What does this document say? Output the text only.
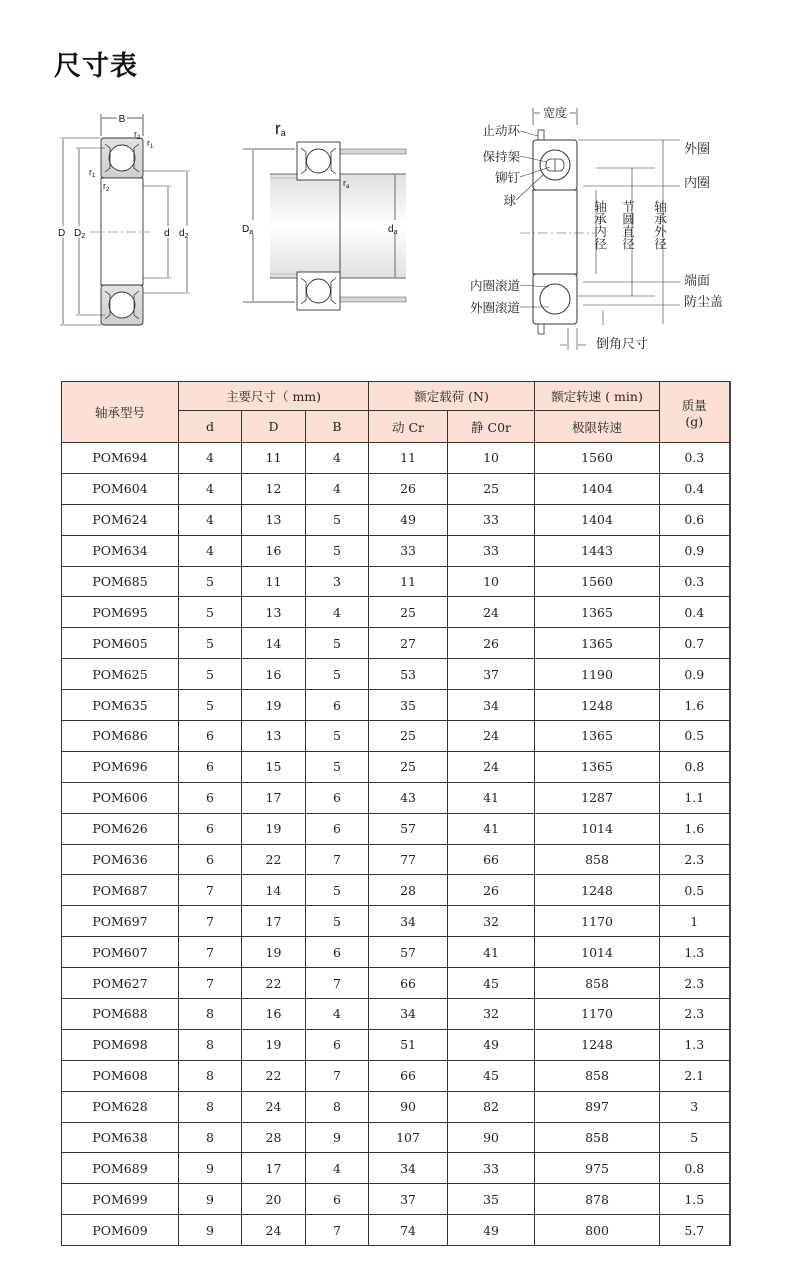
尺寸表
B
$r_2$ $r_1$
$r_1$
$r_2$
D $D_2$	d $d_2$
ra
$r_a$
$D_a$	$d_a$
宽度
止动环
保持架
铆钉
球
内圈滚道
外圈滚道
外圈
内圈
端面
防尘盖
轴承内径 节圆直径 轴承外径
倒角尺寸
轴承型号	主要尺寸（ mm)			额定载荷 (N)		额定转速 ( min)	质量
(g)

	d	D	B	动 Cr	静 C0r	极限转速	
POM694	4	11	4	11	10	1560	0.3
POM604	4	12	4	26	25	1404	0.4
POM624	4	13	5	49	33	1404	0.6
POM634	4	16	5	33	33	1443	0.9
POM685	5	11	3	11	10	1560	0.3
POM695	5	13	4	25	24	1365	0.4
POM605	5	14	5	27	26	1365	0.7
POM625	5	16	5	53	37	1190	0.9
POM635	5	19	6	35	34	1248	1.6
POM686	6	13	5	25	24	1365	0.5
POM696	6	15	5	25	24	1365	0.8
POM606	6	17	6	43	41	1287	1.1
POM626	6	19	6	57	41	1014	1.6
POM636	6	22	7	77	66	858	2.3
POM687	7	14	5	28	26	1248	0.5
POM697	7	17	5	34	32	1170	1
POM607	7	19	6	57	41	1014	1.3
POM627	7	22	7	66	45	858	2.3
POM688	8	16	4	34	32	1170	2.3
POM698	8	19	6	51	49	1248	1.3
POM608	8	22	7	66	45	858	2.1
POM628	8	24	8	90	82	897	3
POM638	8	28	9	107	90	858	5
POM689	9	17	4	34	33	975	0.8
POM699	9	20	6	37	35	878	1.5
POM609	9	24	7	74	49	800	5.7
